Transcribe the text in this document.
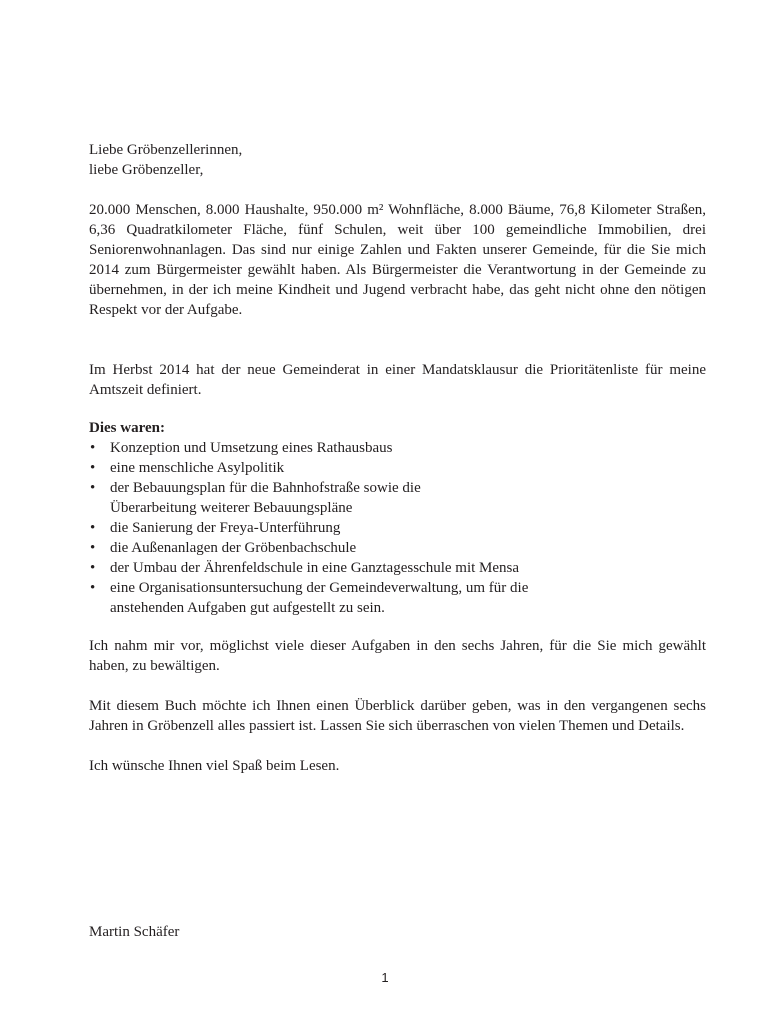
Liebe Gröbenzellerinnen,

liebe Gröbenzeller,

20.000 Menschen, 8.000 Haushalte, 950.000 m² Wohnfläche, 8.000 Bäume, 76,8 Kilometer Straßen, 6,36 Quadratkilometer Fläche, fünf Schulen, weit über 100 gemeindliche Immobilien, drei Seniorenwohnanlagen. Das sind nur einige Zahlen und Fakten unserer Gemeinde, für die Sie mich 2014 zum Bürgermeister gewählt haben. Als Bürgermeister die Verantwortung in der Gemeinde zu übernehmen, in der ich meine Kindheit und Jugend verbracht habe, das geht nicht ohne den nötigen Respekt vor der Aufgabe.

Im Herbst 2014 hat der neue Gemeinderat in einer Mandatsklausur die Prioritätenliste für meine Amtszeit definiert.

Dies waren:

• Konzeption und Umsetzung eines Rathausbaus
• eine menschliche Asylpolitik
• der Bebauungsplan für die Bahnhofstraße sowie die Überarbeitung weiterer Bebauungspläne
• die Sanierung der Freya-Unterführung
• die Außenanlagen der Gröbenbachschule
• der Umbau der Ährenfeldschule in eine Ganztagesschule mit Mensa
• eine Organisationsuntersuchung der Gemeindeverwaltung, um für die anstehenden Aufgaben gut aufgestellt zu sein.

Ich nahm mir vor, möglichst viele dieser Aufgaben in den sechs Jahren, für die Sie mich gewählt haben, zu bewältigen.

Mit diesem Buch möchte ich Ihnen einen Überblick darüber geben, was in den vergangenen sechs Jahren in Gröbenzell alles passiert ist. Lassen Sie sich überraschen von vielen Themen und Details.

Ich wünsche Ihnen viel Spaß beim Lesen.

Martin Schäfer
1
